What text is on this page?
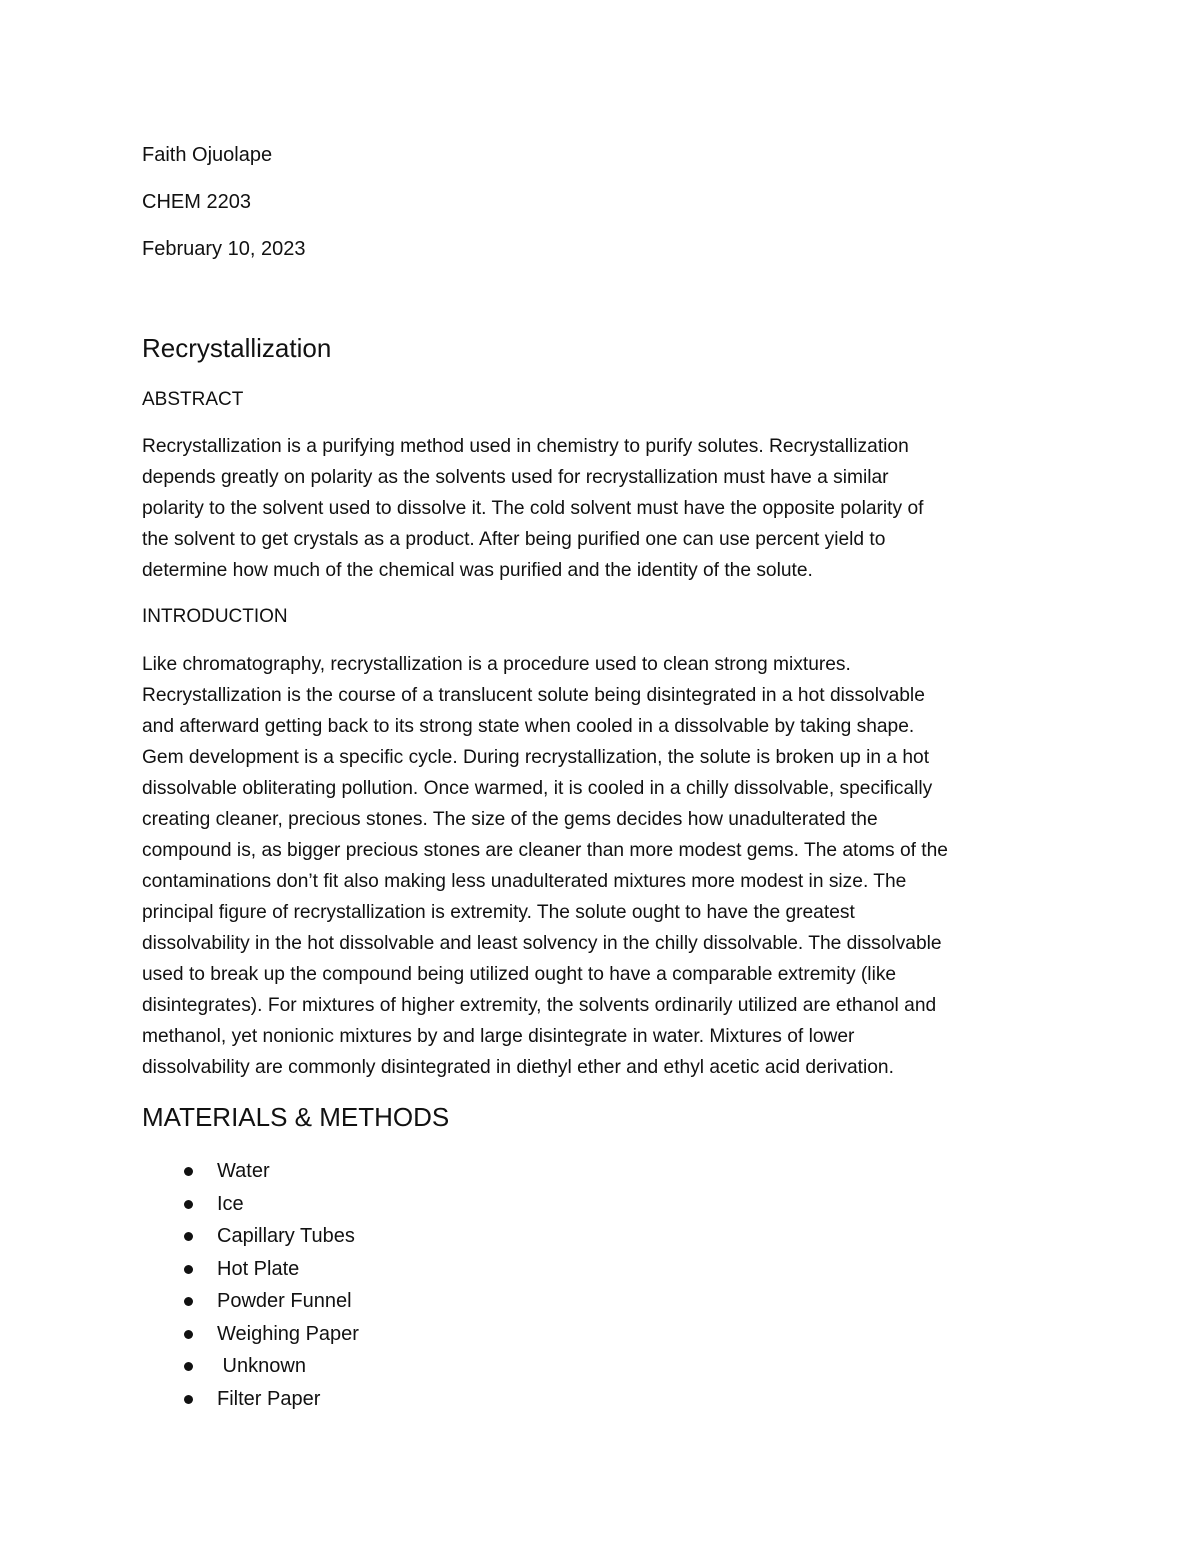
Faith Ojuolape
CHEM 2203
February 10, 2023
Recrystallization
ABSTRACT

Recrystallization is a purifying method used in chemistry to purify solutes. Recrystallization
depends greatly on polarity as the solvents used for recrystallization must have a similar
polarity to the solvent used to dissolve it. The cold solvent must have the opposite polarity of
the solvent to get crystals as a product. After being purified one can use percent yield to
determine how much of the chemical was purified and the identity of the solute.

INTRODUCTION

Like chromatography, recrystallization is a procedure used to clean strong mixtures.
Recrystallization is the course of a translucent solute being disintegrated in a hot dissolvable
and afterward getting back to its strong state when cooled in a dissolvable by taking shape.
Gem development is a specific cycle. During recrystallization, the solute is broken up in a hot
dissolvable obliterating pollution. Once warmed, it is cooled in a chilly dissolvable, specifically
creating cleaner, precious stones. The size of the gems decides how unadulterated the
compound is, as bigger precious stones are cleaner than more modest gems. The atoms of the
contaminations don’t fit also making less unadulterated mixtures more modest in size. The
principal figure of recrystallization is extremity. The solute ought to have the greatest
dissolvability in the hot dissolvable and least solvency in the chilly dissolvable. The dissolvable
used to break up the compound being utilized ought to have a comparable extremity (like
disintegrates). For mixtures of higher extremity, the solvents ordinarily utilized are ethanol and
methanol, yet nonionic mixtures by and large disintegrate in water. Mixtures of lower
dissolvability are commonly disintegrated in diethyl ether and ethyl acetic acid derivation.

MATERIALS & METHODS
Water
Ice
Capillary Tubes
Hot Plate
Powder Funnel
Weighing Paper
Unknown
Filter Paper
